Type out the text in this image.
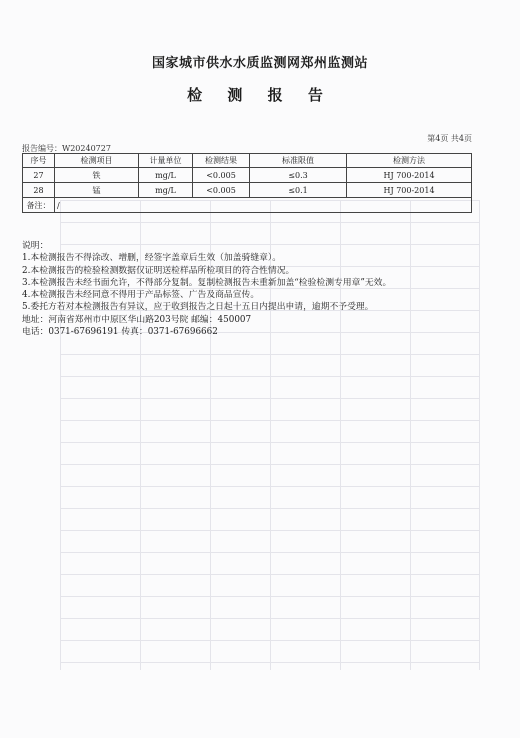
国家城市供水水质监测网郑州监测站
检 测 报 告
第4页 共4页
报告编号：W20240727
序号	检测项目	计量单位	检测结果	标准限值	检测方法
27	铁	mg/L	<0.005	≤0.3	HJ 700-2014
28	锰	mg/L	<0.005	≤0.1	HJ 700-2014
备注：	/				
说明：
1.本检测报告不得涂改、增删，经签字盖章后生效（加盖骑缝章）。
2.本检测报告的检验检测数据仅证明送检样品所检项目的符合性情况。
3.本检测报告未经书面允许，不得部分复制。复制检测报告未重新加盖“检验检测专用章”无效。
4.本检测报告未经同意不得用于产品标签、广告及商品宣传。
5.委托方若对本检测报告有异议，应于收到报告之日起十五日内提出申请，逾期不予受理。
地址：河南省郑州市中原区华山路203号院 邮编：450007
电话：0371-67696191 传真：0371-67696662
